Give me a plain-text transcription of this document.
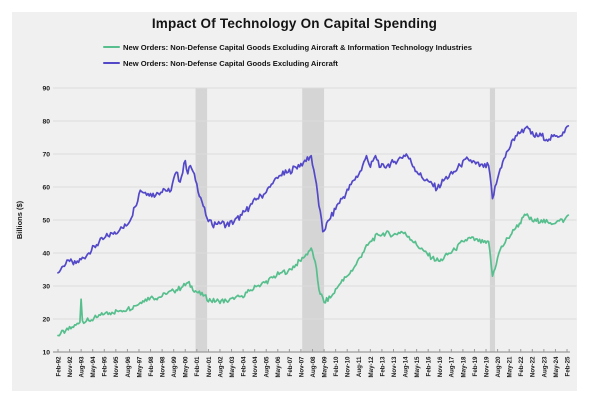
Impact Of Technology On Capital Spending
New Orders: Non-Defense Capital Goods Excluding Aircraft & Information Technology Industries
New Orders: Non-Defense Capital Goods Excluding Aircraft
10
20
30
40
50
60
70
80
90
Feb-92 Nov-92 Aug-93 May-94 Feb-95 Nov-95 Aug-96 May-97 Feb-98 Nov-98 Aug-99 May-00 Feb-01 Nov-01 Aug-02 May-03 Feb-04 Nov-04 Aug-05 May-06 Feb-07 Nov-07 Aug-08 May-09 Feb-10 Nov-10 Aug-11 May-12 Feb-13 Nov-13 Aug-14 May-15 Feb-16 Nov-16 Aug-17 May-18 Feb-19 Nov-19 Aug-20 May-21 Feb-22 Nov-22 Aug-23 May-24 Feb-25
Billions ($)
